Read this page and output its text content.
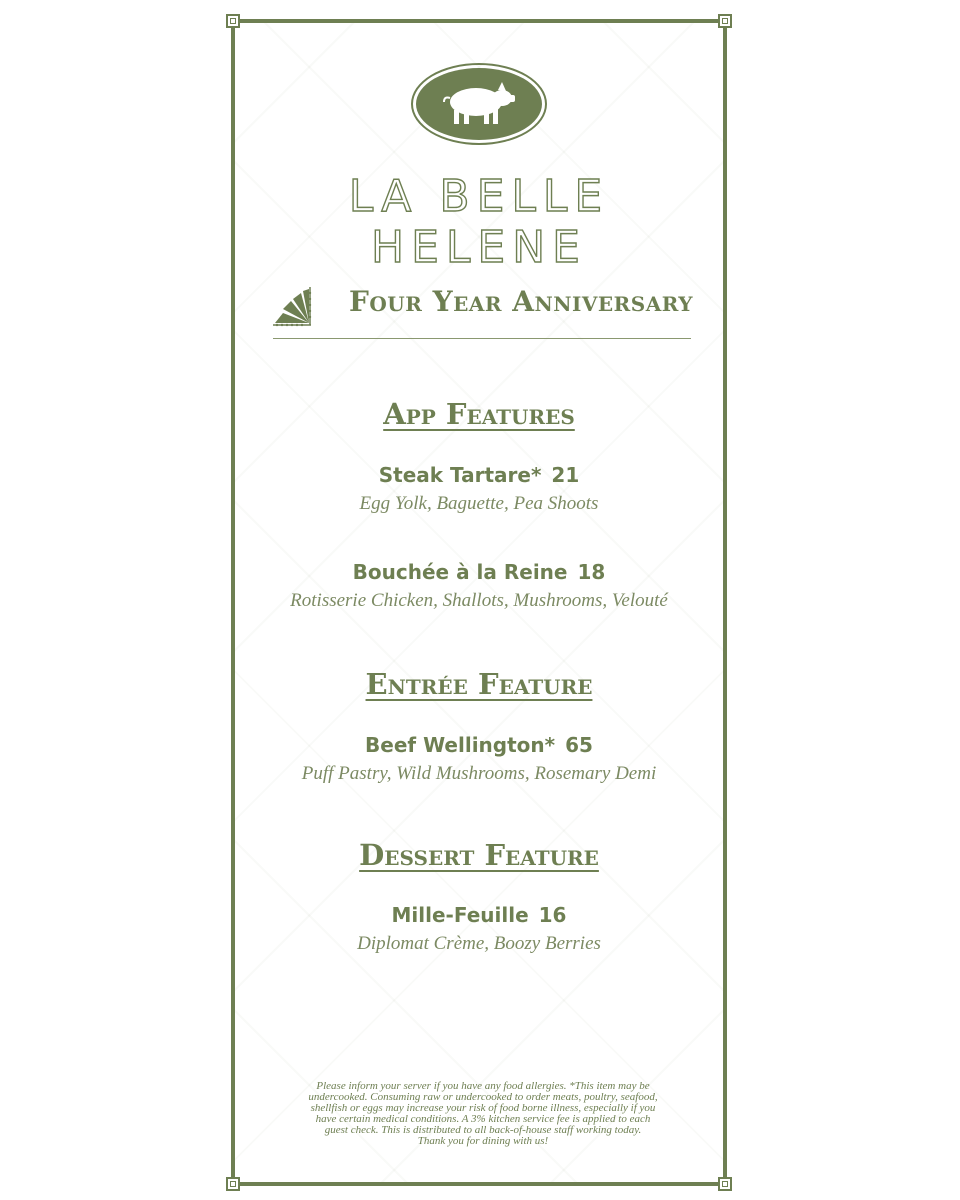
LA BELLE HELENE
Four Year Anniversary
App Features
Steak Tartare* 21
Egg Yolk, Baguette, Pea Shoots
Bouchée à la Reine 18
Rotisserie Chicken, Shallots, Mushrooms, Velouté
Entrée Feature
Beef Wellington* 65
Puff Pastry, Wild Mushrooms, Rosemary Demi
Dessert Feature
Mille-Feuille 16
Diplomat Crème, Boozy Berries
Please inform your server if you have any food allergies. *This item may be
undercooked. Consuming raw or undercooked to order meats, poultry, seafood,
shellfish or eggs may increase your risk of food borne illness, especially if you
have certain medical conditions. A 3% kitchen service fee is applied to each
guest check. This is distributed to all back-of-house staff working today.
Thank you for dining with us!
